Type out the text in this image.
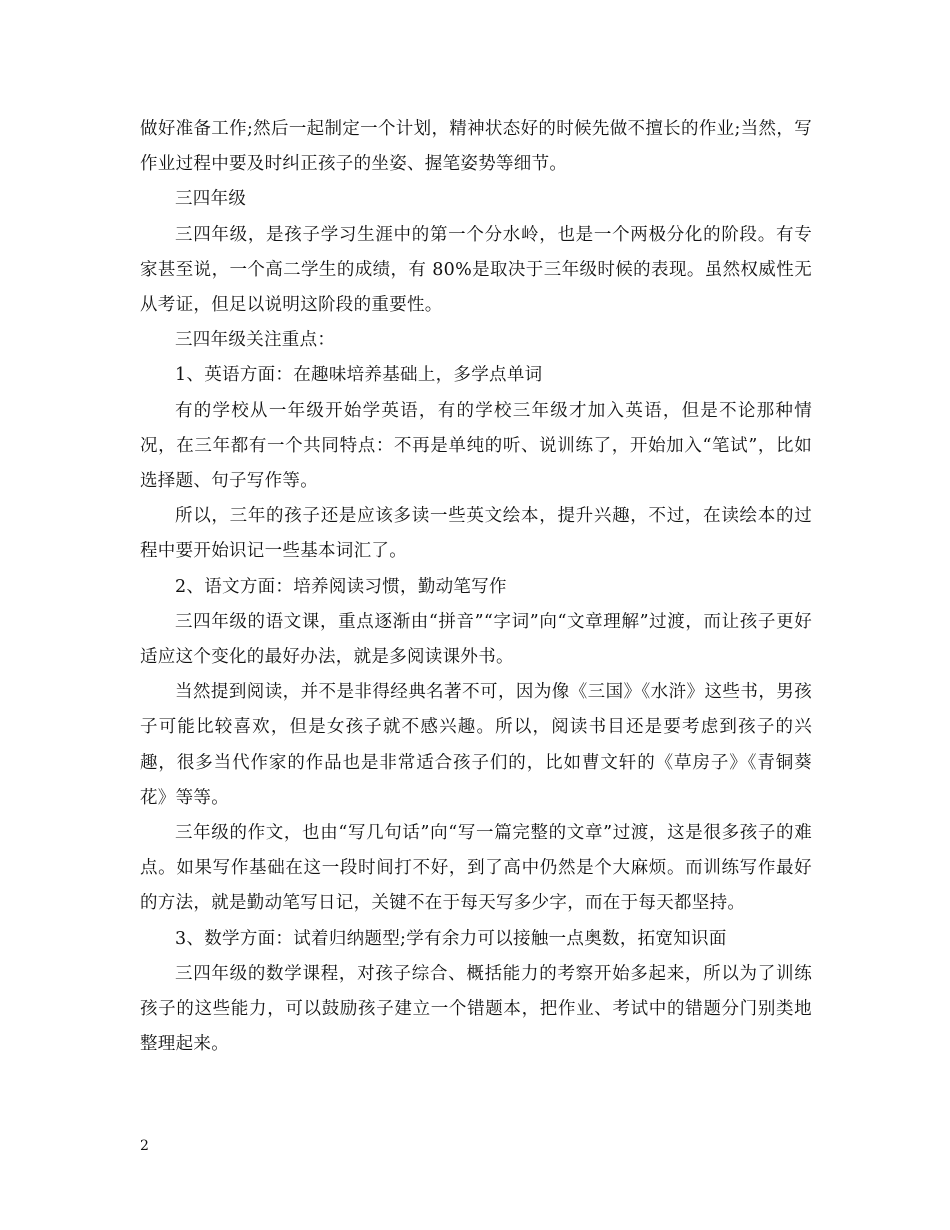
做好准备工作;然后一起制定一个计划，精神状态好的时候先做不擅长的作业;当然，写作业过程中要及时纠正孩子的坐姿、握笔姿势等细节。

三四年级

三四年级，是孩子学习生涯中的第一个分水岭，也是一个两极分化的阶段。有专家甚至说，一个高二学生的成绩，有 80%是取决于三年级时候的表现。虽然权威性无从考证，但足以说明这阶段的重要性。

三四年级关注重点：

1、英语方面：在趣味培养基础上，多学点单词

有的学校从一年级开始学英语，有的学校三年级才加入英语，但是不论那种情况，在三年都有一个共同特点：不再是单纯的听、说训练了，开始加入“笔试”，比如选择题、句子写作等。

所以，三年的孩子还是应该多读一些英文绘本，提升兴趣，不过，在读绘本的过程中要开始识记一些基本词汇了。

2、语文方面：培养阅读习惯，勤动笔写作

三四年级的语文课，重点逐渐由“拼音”“字词”向“文章理解”过渡，而让孩子更好适应这个变化的最好办法，就是多阅读课外书。

当然提到阅读，并不是非得经典名著不可，因为像《三国》《水浒》这些书，男孩子可能比较喜欢，但是女孩子就不感兴趣。所以，阅读书目还是要考虑到孩子的兴趣，很多当代作家的作品也是非常适合孩子们的，比如曹文轩的《草房子》《青铜葵花》等等。

三年级的作文，也由“写几句话”向“写一篇完整的文章”过渡，这是很多孩子的难点。如果写作基础在这一段时间打不好，到了高中仍然是个大麻烦。而训练写作最好的方法，就是勤动笔写日记，关键不在于每天写多少字，而在于每天都坚持。

3、数学方面：试着归纳题型;学有余力可以接触一点奥数，拓宽知识面

三四年级的数学课程，对孩子综合、概括能力的考察开始多起来，所以为了训练孩子的这些能力，可以鼓励孩子建立一个错题本，把作业、考试中的错题分门别类地整理起来。

2
